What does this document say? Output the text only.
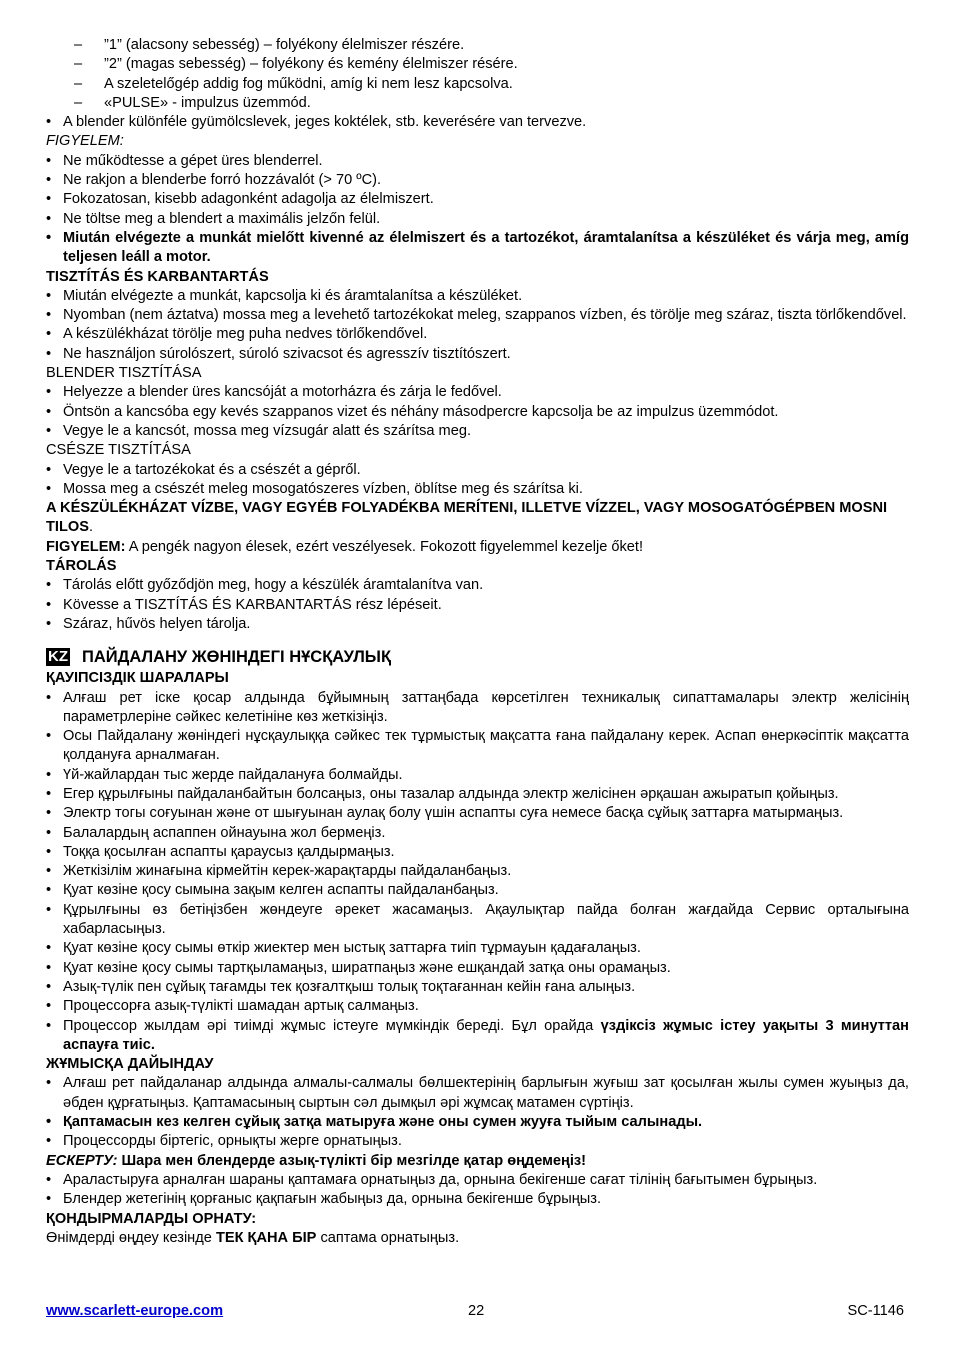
– ”1” (alacsony sebesség) – folyékony élelmiszer részére.
– ”2” (magas sebesség) – folyékony és kemény élelmiszer résére.
– A szeletelőgép addig fog működni, amíg ki nem lesz kapcsolva.
– «PULSE» - impulzus üzemmód.
• A blender különféle gyümölcslevek, jeges koktélek, stb. keverésére van tervezve.
FIGYELEM:
• Ne működtesse a gépet üres blenderrel.
• Ne rakjon a blenderbe forró hozzávalót (> 70 ºC).
• Fokozatosan, kisebb adagonként adagolja az élelmiszert.
• Ne töltse meg a blendert a maximális jelzőn felül.
• Miután elvégezte a munkát mielőtt kivenné az élelmiszert és a tartozékot, áramtalanítsa a készüléket és várja meg, amíg teljesen leáll a motor.
TISZTÍTÁS ÉS KARBANTARTÁS
• Miután elvégezte a munkát, kapcsolja ki és áramtalanítsa a készüléket.
• Nyomban (nem áztatva) mossa meg a levehető tartozékokat meleg, szappanos vízben, és törölje meg száraz, tiszta törlőkendővel.
• A készülékházat törölje meg puha nedves törlőkendővel.
• Ne használjon súrolószert, súroló szivacsot és agresszív tisztítószert.
BLENDER TISZTÍTÁSA
• Helyezze a blender üres kancsóját a motorházra és zárja le fedővel.
• Öntsön a kancsóba egy kevés szappanos vizet és néhány másodpercre kapcsolja be az impulzus üzemmódot.
• Vegye le a kancsót, mossa meg vízsugár alatt és szárítsa meg.
CSÉSZE TISZTÍTÁSA
• Vegye le a tartozékokat és a csészét a gépről.
• Mossa meg a csészét meleg mosogatószeres vízben, öblítse meg és szárítsa ki.
A KÉSZÜLÉKHÁZAT VÍZBE, VAGY EGYÉB FOLYADÉKBA MERÍTENI, ILLETVE VÍZZEL, VAGY MOSOGATÓGÉPBEN MOSNI TILOS.
FIGYELEM: A pengék nagyon élesek, ezért veszélyesek. Fokozott figyelemmel kezelje őket!
TÁROLÁS
• Tárolás előtt győződjön meg, hogy a készülék áramtalanítva van.
• Kövesse a TISZTÍTÁS ÉS KARBANTARTÁS rész lépéseit.
• Száraz, hűvös helyen tárolja.
KZ ПАЙДАЛАНУ ЖӨНІНДЕГІ НҰСҚАУЛЫҚ
ҚАУІПСІЗДІК ШАРАЛАРЫ
• Алғаш рет іске қосар алдында бұйымның заттаңбада көрсетілген техникалық сипаттамалары электр желісінің параметрлеріне сәйкес келетініне көз жеткізіңіз.
• Осы Пайдалану жөніндегі нұсқаулыққа сәйкес тек тұрмыстық мақсатта ғана пайдалану керек. Аспап өнеркәсіптік мақсатта қолдануға арналмаған.
• Үй-жайлардан тыс жерде пайдалануға болмайды.
• Егер құрылғыны пайдаланбайтын болсаңыз, оны тазалар алдында электр желісінен әрқашан ажыратып қойыңыз.
• Электр тогы соғуынан және от шығуынан аулақ болу үшін аспапты суға немесе басқа сұйық заттарға матырмаңыз.
• Балалардың аспаппен ойнауына жол бермеңіз.
• Тоққа қосылған аспапты қараусыз қалдырмаңыз.
• Жеткізілім жинағына кірмейтін керек-жарақтарды пайдаланбаңыз.
• Қуат көзіне қосу сымына зақым келген аспапты пайдаланбаңыз.
• Құрылғыны өз бетіңізбен жөндеуге әрекет жасамаңыз. Ақаулықтар пайда болған жағдайда Сервис орталығына хабарласыңыз.
• Қуат көзіне қосу сымы өткір жиектер мен ыстық заттарға тиіп тұрмауын қадағалаңыз.
• Қуат көзіне қосу сымы тартқыламаңыз, ширатпаңыз және ешқандай затқа оны орамаңыз.
• Азық-түлік пен сұйық тағамды тек қозғалтқыш толық тоқтағаннан кейін ғана алыңыз.
• Процессорға азық-түлікті шамадан артық салмаңыз.
• Процессор жылдам әрі тиімді жұмыс істеуге мүмкіндік береді. Бұл орайда үздіксіз жұмыс істеу уақыты 3 минуттан аспауға тиіс.
ЖҰМЫСҚА ДАЙЫНДАУ
• Алғаш рет пайдаланар алдында алмалы-салмалы бөлшектерінің барлығын жуғыш зат қосылған жылы сумен жуыңыз да, әбден құрғатыңыз. Қаптамасының сыртын сәл дымқыл әрі жұмсақ матамен сүртіңіз.
• Қаптамасын кез келген сұйық затқа матыруға және оны сумен жууға тыйым салынады.
• Процессорды біртегіс, орнықты жерге орнатыңыз.
ЕСКЕРТУ: Шара мен блендерде азық-түлікті бір мезгілде қатар өңдемеңіз!
• Араластыруға арналған шараны қаптамаға орнатыңыз да, орнына бекігенше сағат тілінің бағытымен бұрыңыз.
• Блендер жетегінің қорғаныс қақпағын жабыңыз да, орнына бекігенше бұрыңыз.
ҚОНДЫРМАЛАРДЫ ОРНАТУ:
Өнімдерді өңдеу кезінде ТЕК ҚАНА БІР саптама орнатыңыз.
www.scarlett-europe.com	22	SC-1146
